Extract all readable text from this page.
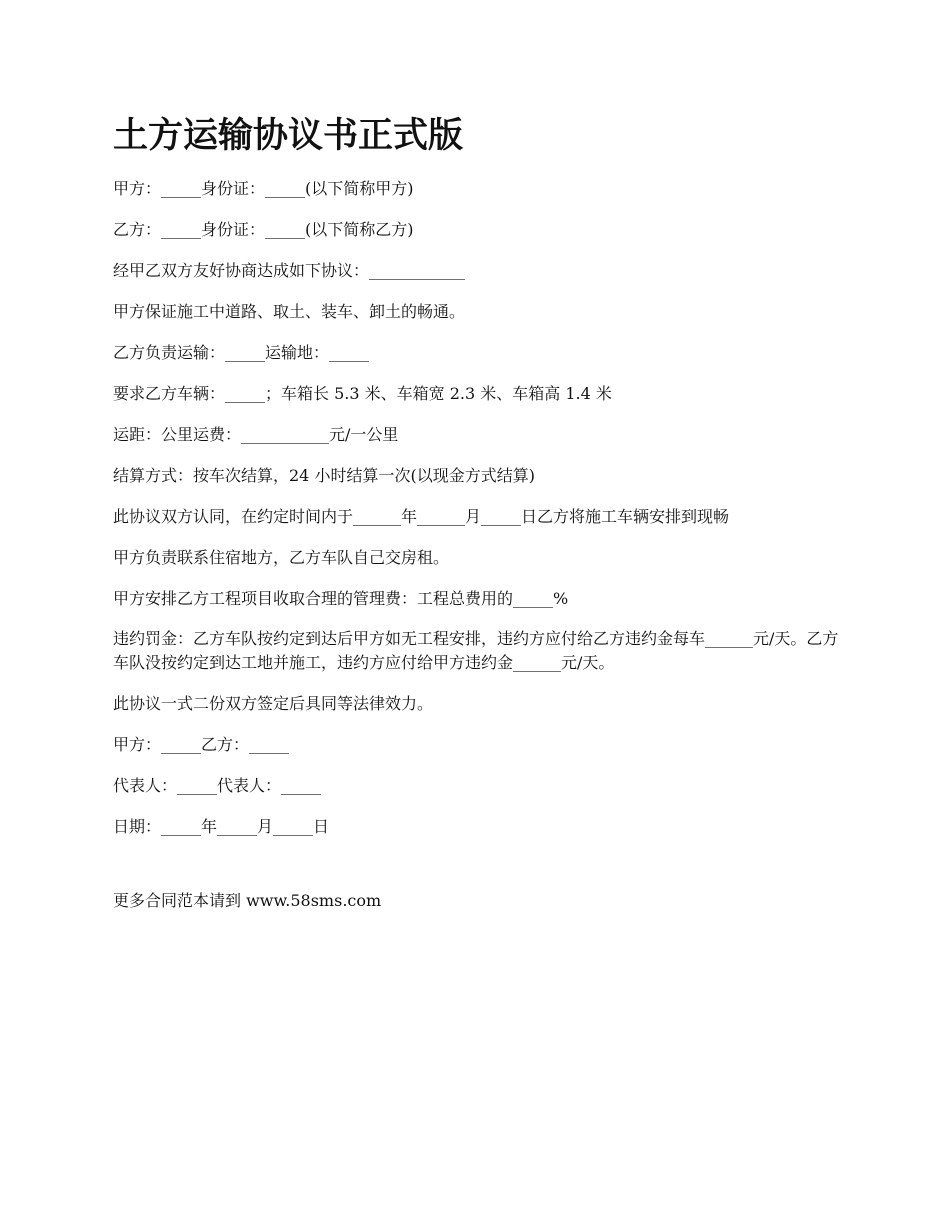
土方运输协议书正式版

甲方：_____身份证：_____(以下简称甲方)

乙方：_____身份证：_____(以下简称乙方)

经甲乙双方友好协商达成如下协议：____________

甲方保证施工中道路、取土、装车、卸土的畅通。

乙方负责运输：_____运输地：_____

要求乙方车辆：_____；车箱长 5.3 米、车箱宽 2.3 米、车箱高 1.4 米

运距：公里运费：___________元/一公里

结算方式：按车次结算，24 小时结算一次(以现金方式结算)

此协议双方认同，在约定时间内于______年______月_____日乙方将施工车辆安排到现畅

甲方负责联系住宿地方，乙方车队自己交房租。

甲方安排乙方工程项目收取合理的管理费：工程总费用的_____%

违约罚金：乙方车队按约定到达后甲方如无工程安排，违约方应付给乙方违约金每车______元/天。乙方车队没按约定到达工地并施工，违约方应付给甲方违约金______元/天。

此协议一式二份双方签定后具同等法律效力。

甲方：_____乙方：_____

代表人：_____代表人：_____

日期：_____年_____月_____日

更多合同范本请到 www.58sms.com
